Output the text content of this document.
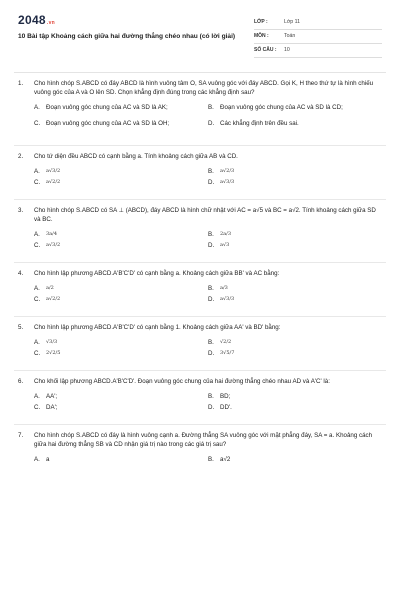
2048.vn
10 Bài tập Khoảng cách giữa hai đường thẳng chéo nhau (có lời giải)
LỚP :	Lớp 11
MÔN :	Toán
SỐ CÂU :	10
1.	Cho hình chóp S.ABCD có đáy ABCD là hình vuông tâm O, SA vuông góc với đáy ABCD. Gọi K, H theo thứ tự là hình chiếu vuông góc của A và O lên SD. Chọn khẳng định đúng trong các khẳng định sau?
A. Đoạn vuông góc chung của AC và SD là AK;	B. Đoạn vuông góc chung của AC và SD là CD;
C. Đoạn vuông góc chung của AC và SD là OH;	D. Các khẳng định trên đều sai.
2.	Cho tứ diện đều ABCD có cạnh bằng a. Tính khoảng cách giữa AB và CD.
A.	a√3/2	B.	a√2/3
C.	a√2/2	D.	a√3/3
3.	Cho hình chóp S.ABCD có SA ⊥ (ABCD), đáy ABCD là hình chữ nhật với AC = a√5 và BC = a√2. Tính khoảng cách giữa SD và BC.
A.	3a/4	B.	2a/3
C.	a√3/2	D.	a√3
4.	Cho hình lập phương ABCD.A'B'C'D' có cạnh bằng a. Khoảng cách giữa BB' và AC bằng:
A.	a/2	B.	a/3
C.	a√2/2	D.	a√3/3
5.	Cho hình lập phương ABCD.A'B'C'D' có cạnh bằng 1. Khoảng cách giữa AA' và BD' bằng:
A.	√3/3	B.	√2/2
C.	2√2/5	D.	3√5/7
6.	Cho khối lập phương ABCD.A'B'C'D'. Đoạn vuông góc chung của hai đường thẳng chéo nhau AD và A'C' là:
A. AA';	B. BD;
C. DA';	D. DD'.
7.	Cho hình chóp S.ABCD có đáy là hình vuông cạnh a. Đường thẳng SA vuông góc với mặt phẳng đáy, SA = a. Khoảng cách giữa hai đường thẳng SB và CD nhận giá trị nào trong các giá trị sau?
A. a	B. a√2
